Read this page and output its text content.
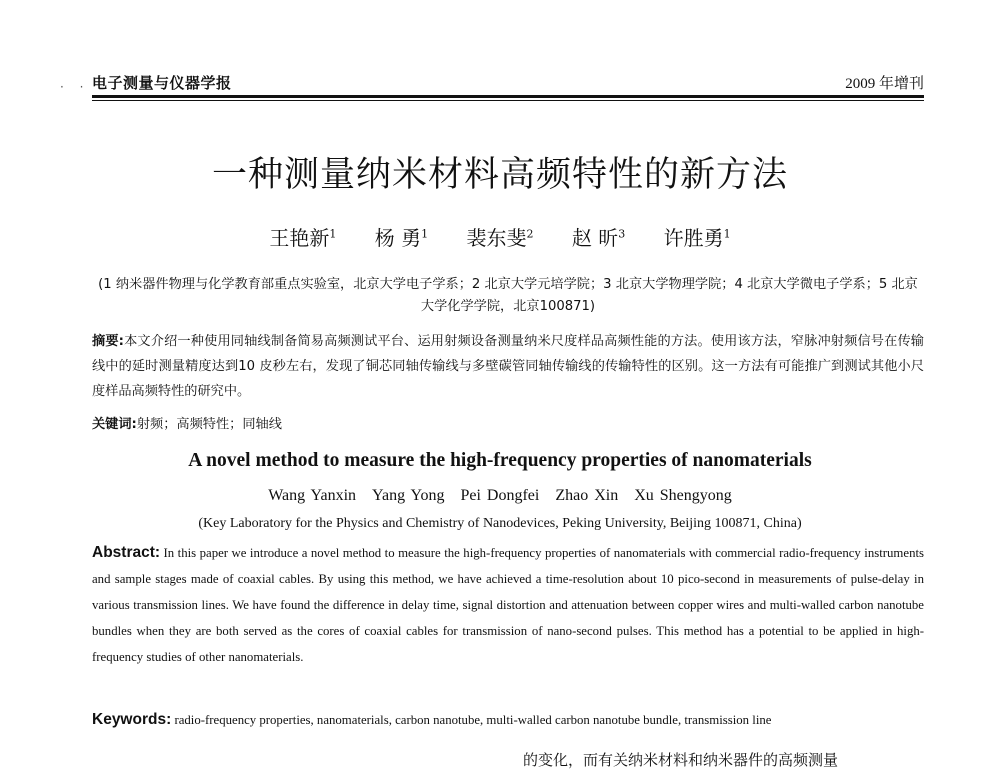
· · 电子测量与仪器学报	2009 年增刊
一种测量纳米材料高频特性的新方法
王艳新$^1$ 杨 勇$^1$ 裴东斐$^2$ 赵 昕$^3$ 许胜勇$^1$
(1 纳米器件物理与化学教育部重点实验室，北京大学电子学系；2 北京大学元培学院；3 北京大学物理学院；4 北京大学微电子学系；5 北京大学化学学院，北京100871)
摘要:本文介绍一种使用同轴线制备简易高频测试平台、运用射频设备测量纳米尺度样品高频性能的方法。使用该方法，窄脉冲射频信号在传输线中的延时测量精度达到10 皮秒左右，发现了铜芯同轴传输线与多壁碳管同轴传输线的传输特性的区别。这一方法有可能推广到测试其他小尺度样品高频特性的研究中。
关键词:射频；高频特性；同轴线
A novel method to measure the high-frequency properties of nanomaterials
Wang Yanxin Yang Yong Pei Dongfei Zhao Xin Xu Shengyong
(Key Laboratory for the Physics and Chemistry of Nanodevices, Peking University, Beijing 100871, China)
Abstract: In this paper we introduce a novel method to measure the high-frequency properties of nanomaterials with commercial radio-frequency instruments and sample stages made of coaxial cables. By using this method, we have achieved a time-resolution about 10 pico-second in measurements of pulse-delay in various transmission lines. We have found the difference in delay time, signal distortion and attenuation between copper wires and multi-walled carbon nanotube bundles when they are both served as the cores of coaxial cables for transmission of nano-second pulses. This method has a potential to be applied in high-frequency studies of other nanomaterials.
Keywords: radio-frequency properties, nanomaterials, carbon nanotube, multi-walled carbon nanotube bundle, transmission line
的变化，而有关纳米材料和纳米器件的高频测量
